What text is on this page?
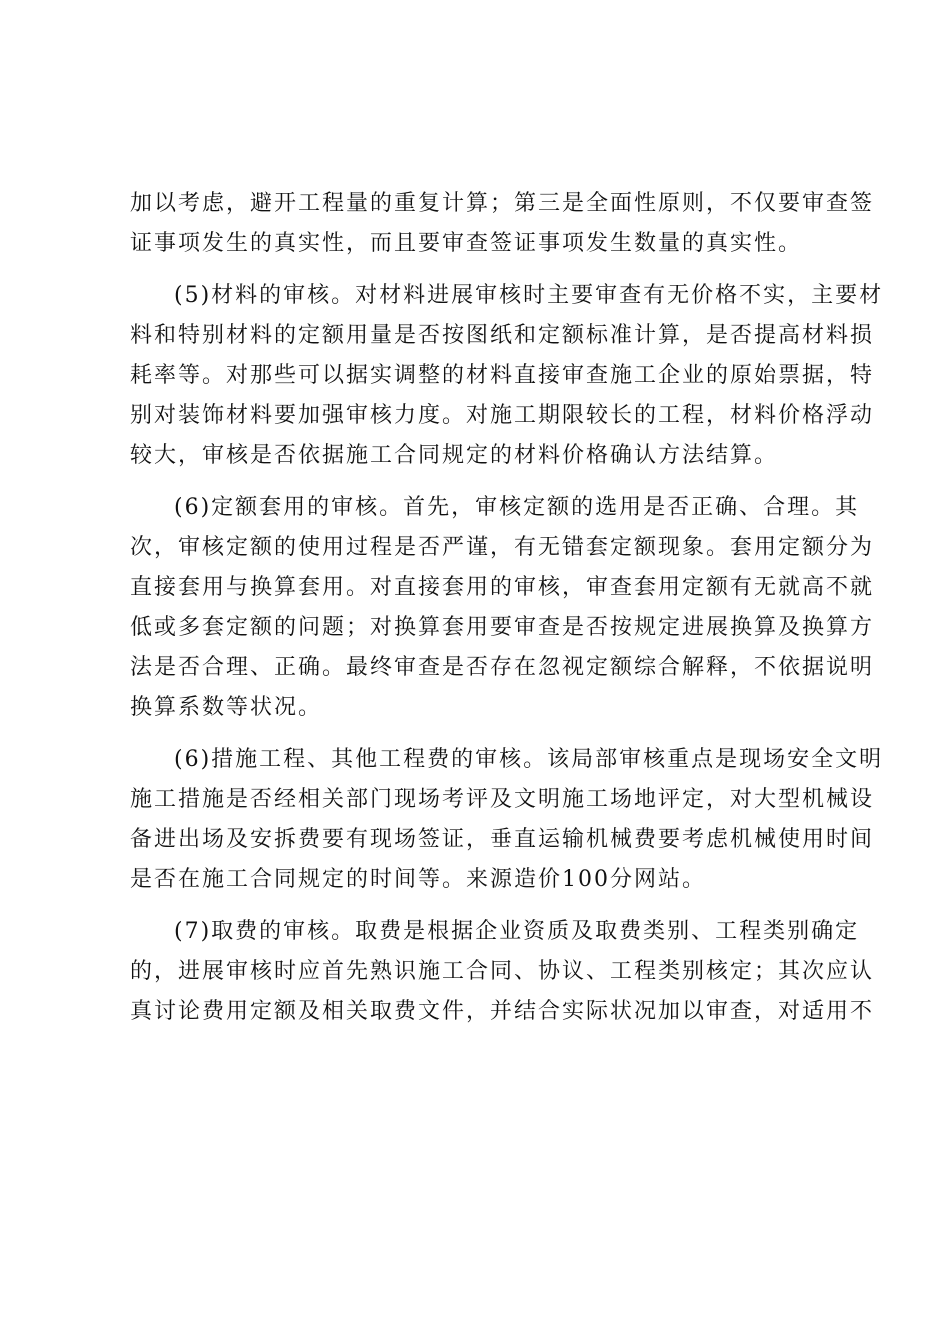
加以考虑，避开工程量的重复计算；第三是全面性原则，不仅要审查签
证事项发生的真实性，而且要审查签证事项发生数量的真实性。
(5)材料的审核。对材料进展审核时主要审查有无价格不实，主要材
料和特别材料的定额用量是否按图纸和定额标准计算，是否提高材料损
耗率等。对那些可以据实调整的材料直接审查施工企业的原始票据，特
别对装饰材料要加强审核力度。对施工期限较长的工程，材料价格浮动
较大，审核是否依据施工合同规定的材料价格确认方法结算。
(6)定额套用的审核。首先，审核定额的选用是否正确、合理。其
次，审核定额的使用过程是否严谨，有无错套定额现象。套用定额分为
直接套用与换算套用。对直接套用的审核，审查套用定额有无就高不就
低或多套定额的问题；对换算套用要审查是否按规定进展换算及换算方
法是否合理、正确。最终审查是否存在忽视定额综合解释，不依据说明
换算系数等状况。
(6)措施工程、其他工程费的审核。该局部审核重点是现场安全文明
施工措施是否经相关部门现场考评及文明施工场地评定，对大型机械设
备进出场及安拆费要有现场签证，垂直运输机械费要考虑机械使用时间
是否在施工合同规定的时间等。来源造价100分网站。
(7)取费的审核。取费是根据企业资质及取费类别、工程类别确定
的，进展审核时应首先熟识施工合同、协议、工程类别核定；其次应认
真讨论费用定额及相关取费文件，并结合实际状况加以审查，对适用不
